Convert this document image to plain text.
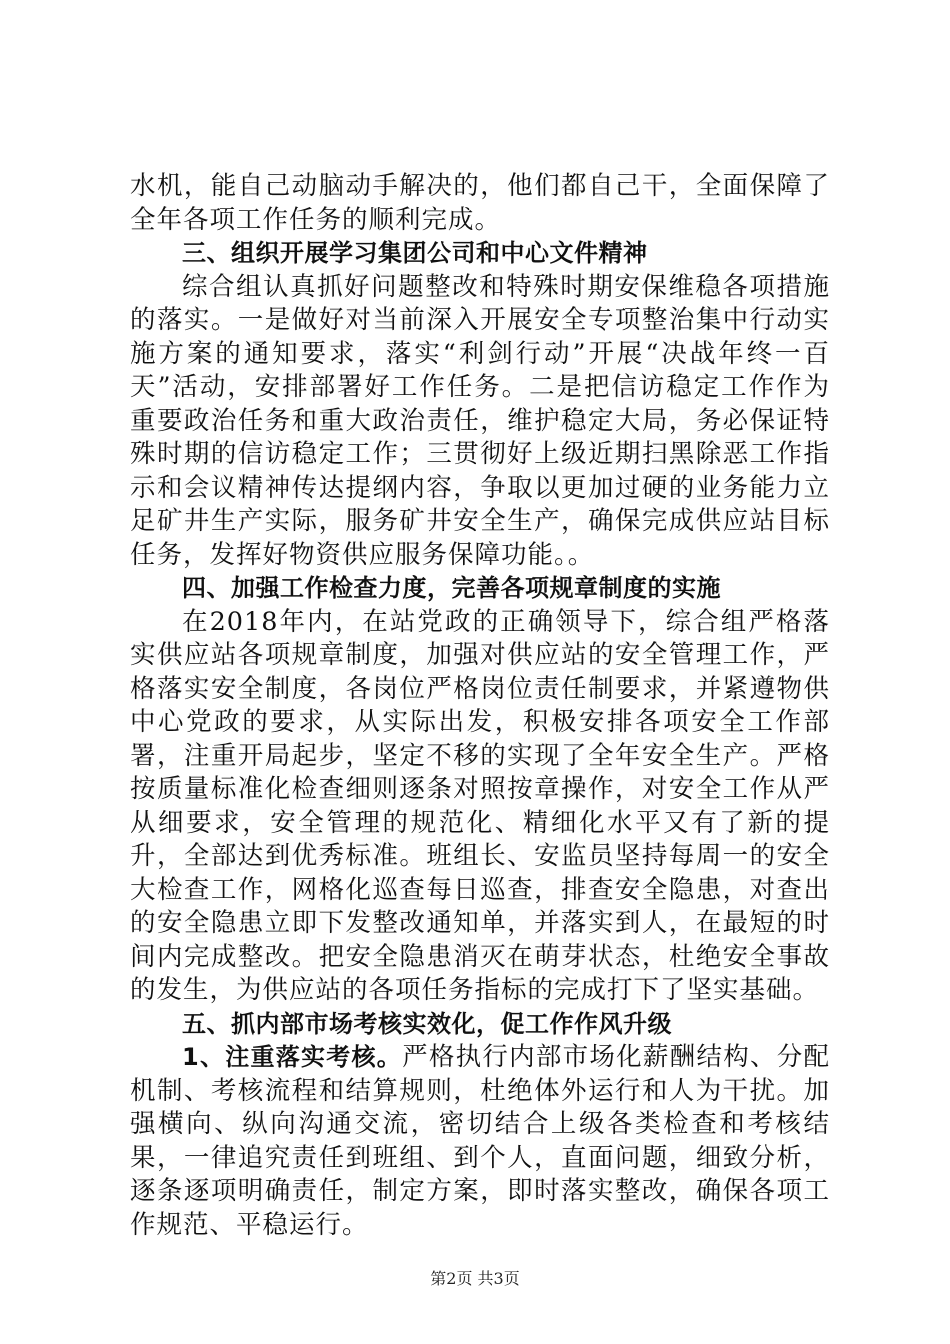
水机，能自己动脑动手解决的，他们都自己干，全面保障了全年各项工作任务的顺利完成。

三、组织开展学习集团公司和中心文件精神

综合组认真抓好问题整改和特殊时期安保维稳各项措施的落实。一是做好对当前深入开展安全专项整治集中行动实施方案的通知要求，落实“利剑行动”开展“决战年终一百天”活动，安排部署好工作任务。二是把信访稳定工作作为重要政治任务和重大政治责任，维护稳定大局，务必保证特殊时期的信访稳定工作；三贯彻好上级近期扫黑除恶工作指示和会议精神传达提纲内容，争取以更加过硬的业务能力立足矿井生产实际，服务矿井安全生产，确保完成供应站目标任务，发挥好物资供应服务保障功能。。

四、加强工作检查力度，完善各项规章制度的实施

在2018年内，在站党政的正确领导下，综合组严格落实供应站各项规章制度，加强对供应站的安全管理工作，严格落实安全制度，各岗位严格岗位责任制要求，并紧遵物供中心党政的要求，从实际出发，积极安排各项安全工作部署，注重开局起步，坚定不移的实现了全年安全生产。严格按质量标准化检查细则逐条对照按章操作，对安全工作从严从细要求，安全管理的规范化、精细化水平又有了新的提升，全部达到优秀标准。班组长、安监员坚持每周一的安全大检查工作，网格化巡查每日巡查，排查安全隐患，对查出的安全隐患立即下发整改通知单，并落实到人，在最短的时间内完成整改。把安全隐患消灭在萌芽状态，杜绝安全事故的发生，为供应站的各项任务指标的完成打下了坚实基础。

五、抓内部市场考核实效化，促工作作风升级

1、注重落实考核。严格执行内部市场化薪酬结构、分配机制、考核流程和结算规则，杜绝体外运行和人为干扰。加强横向、纵向沟通交流，密切结合上级各类检查和考核结果，一律追究责任到班组、到个人，直面问题，细致分析，逐条逐项明确责任，制定方案，即时落实整改，确保各项工作规范、平稳运行。

第2页 共3页
